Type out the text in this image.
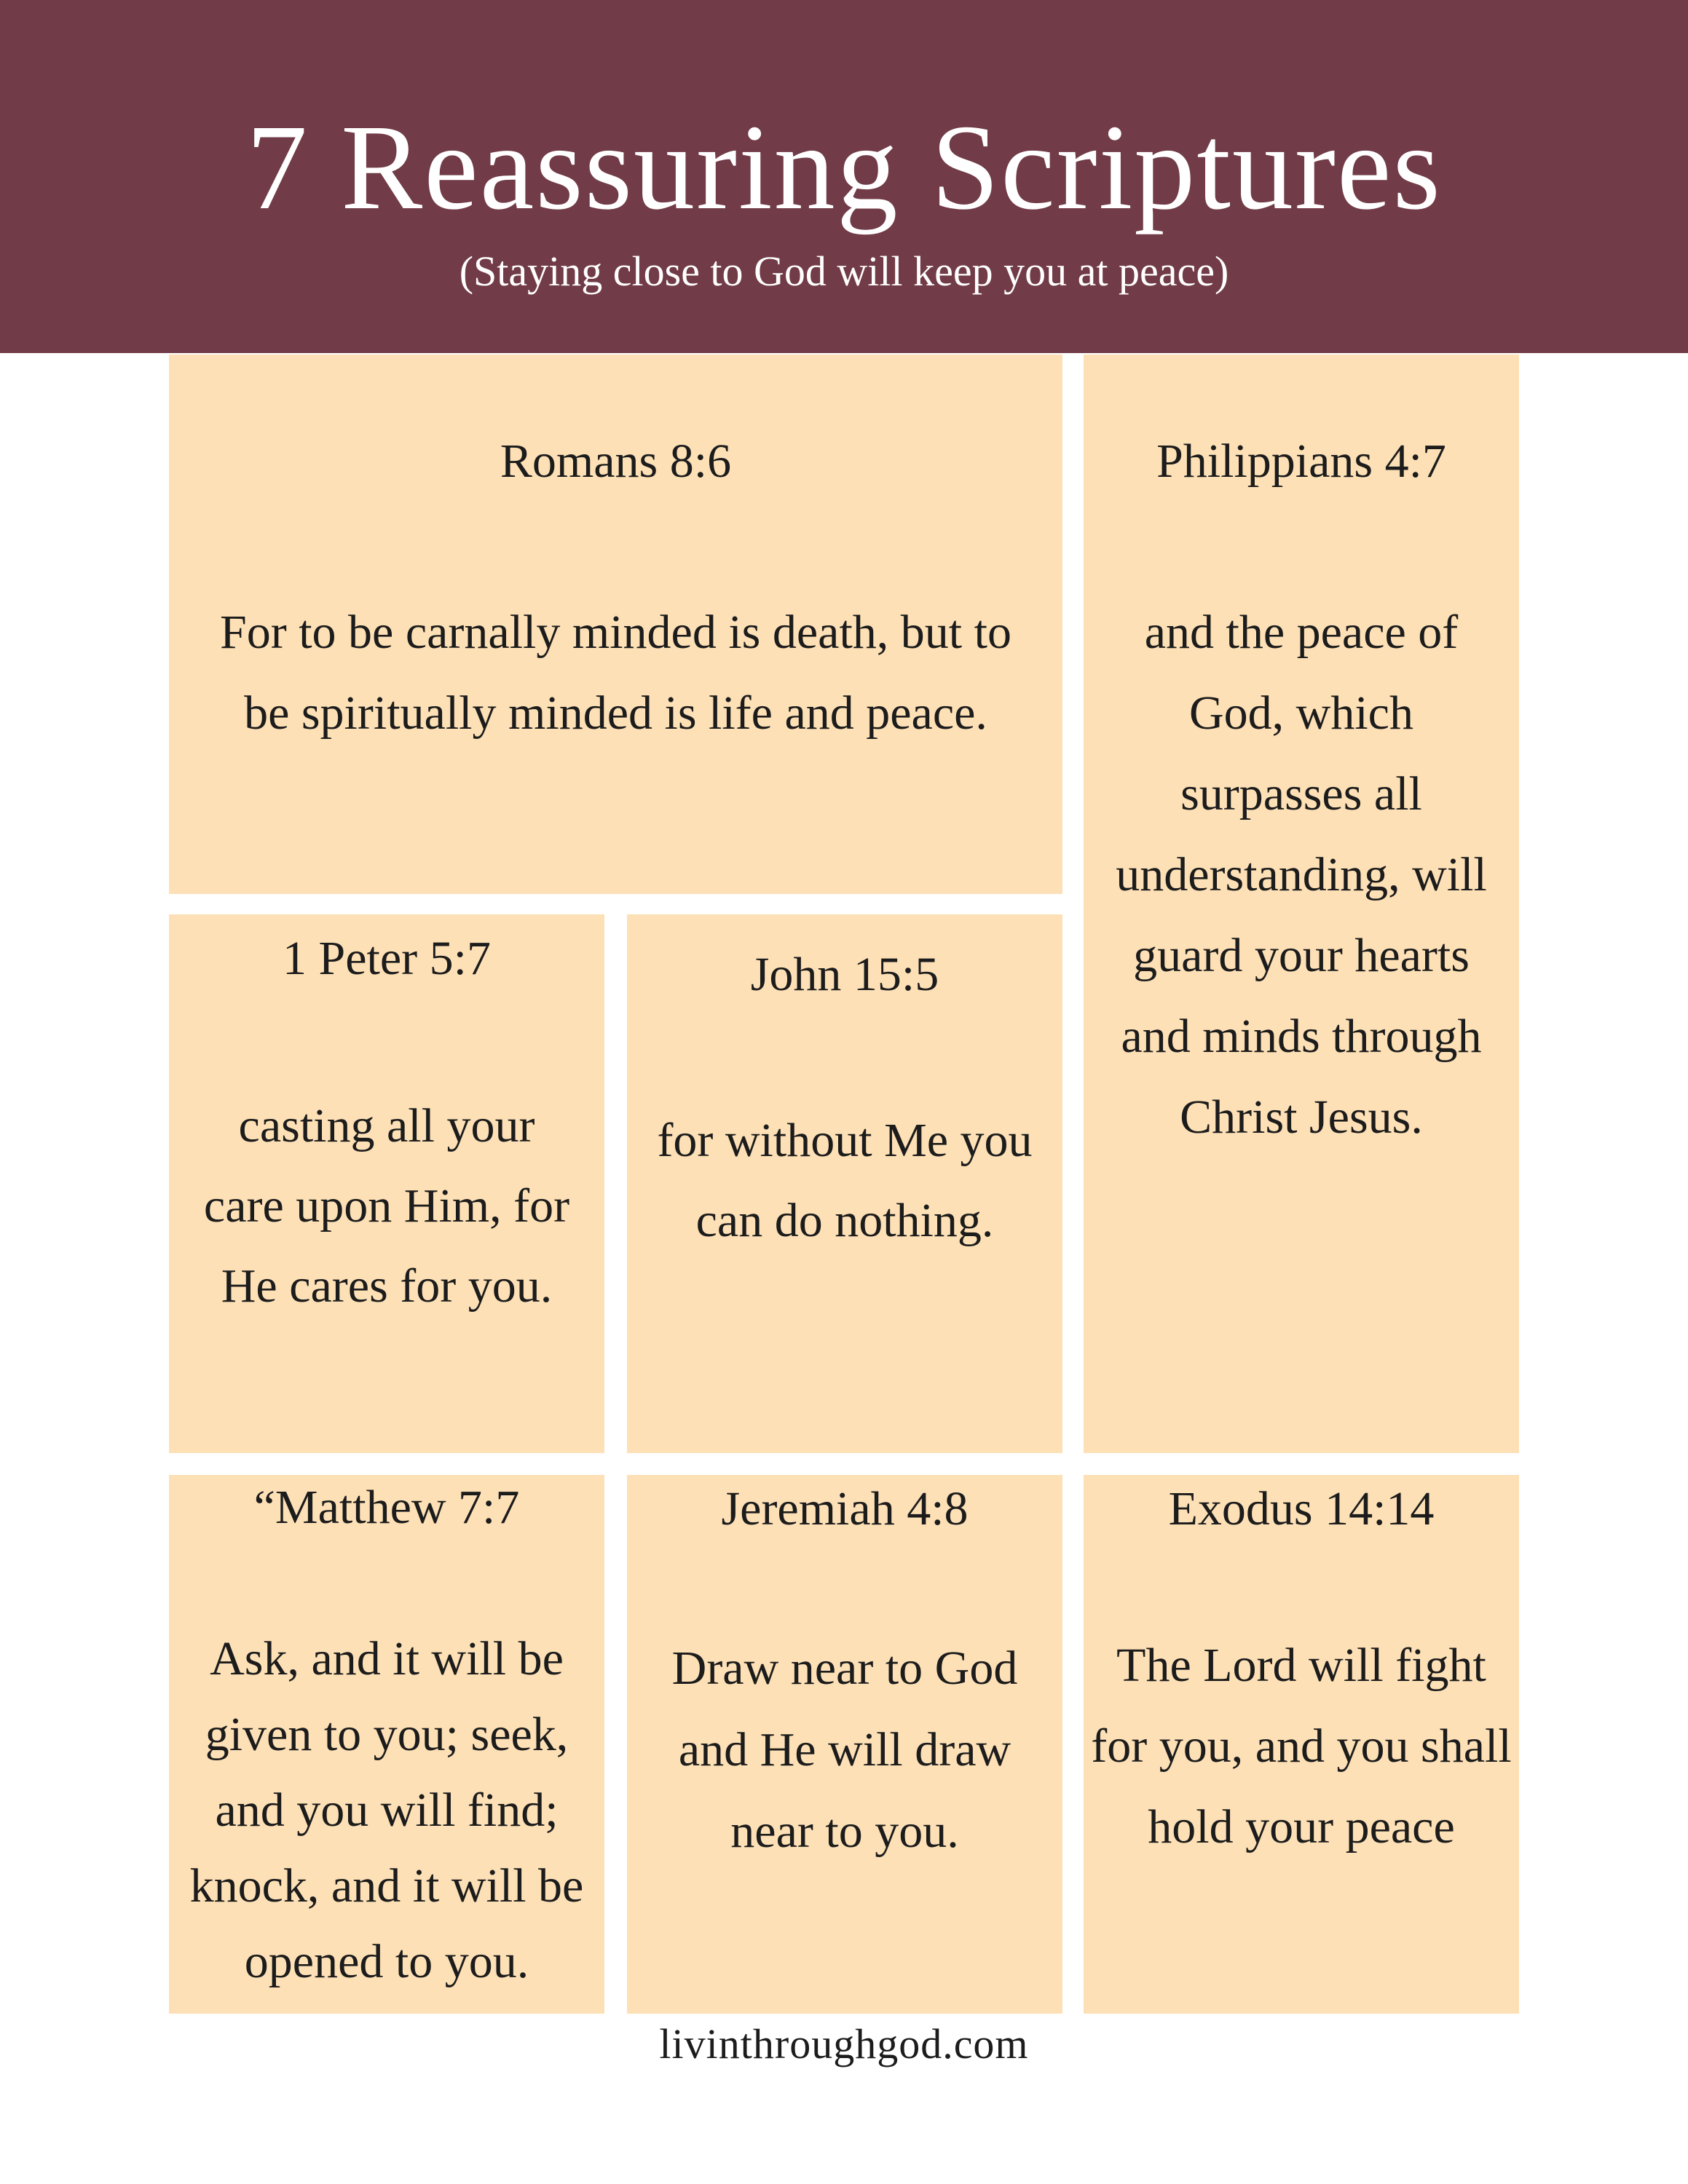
7 Reassuring Scriptures
(Staying close to God will keep you at peace)
Romans 8:6
For to be carnally minded is death, but to be spiritually minded is life and peace.
Philippians 4:7
and the peace of God, which surpasses all understanding, will guard your hearts and minds through Christ Jesus.
1 Peter 5:7
casting all your care upon Him, for He cares for you.
John 15:5
for without Me you can do nothing.
“Matthew 7:7
Ask, and it will be given to you; seek, and you will find; knock, and it will be opened to you.
Jeremiah 4:8
Draw near to God and He will draw near to you.
Exodus 14:14
The Lord will fight for you, and you shall hold your peace
livinthroughgod.com
